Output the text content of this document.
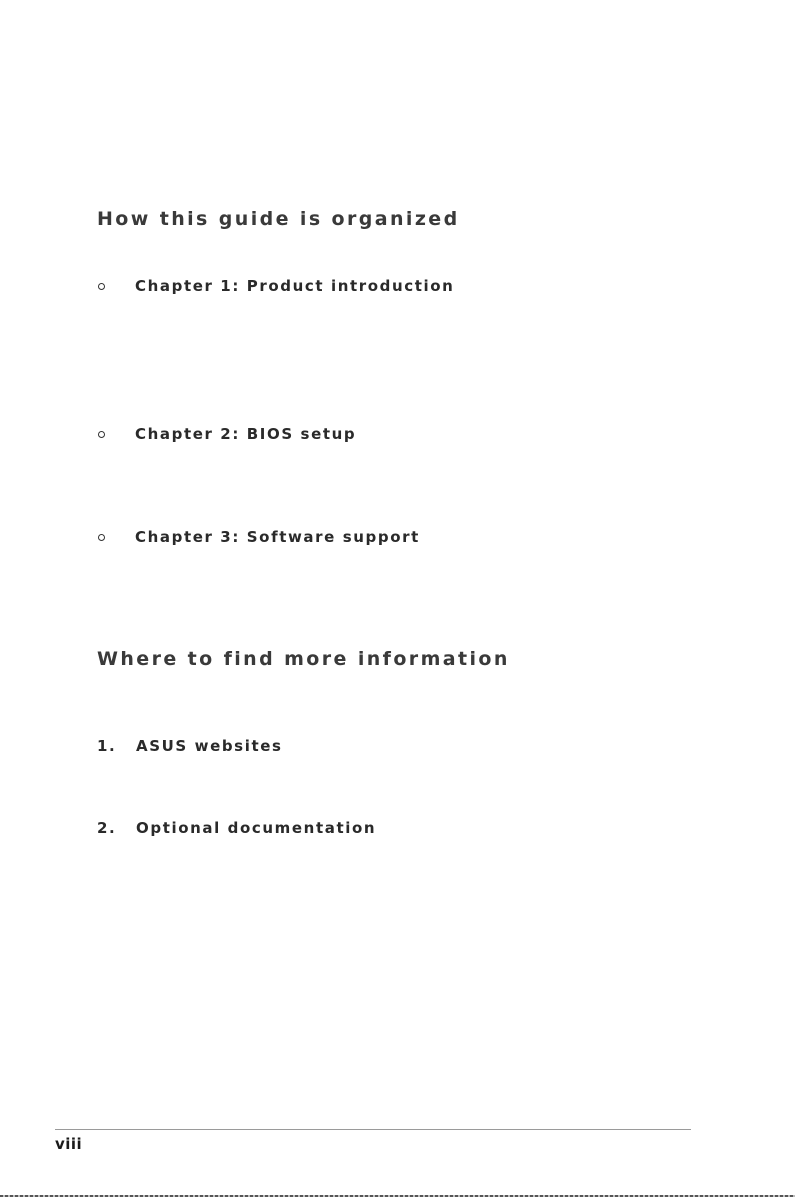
How this guide is organized
Chapter 1: Product introduction
Chapter 2: BIOS setup
Chapter 3: Software support
Where to find more information
1.	ASUS websites
2.	Optional documentation
viii
